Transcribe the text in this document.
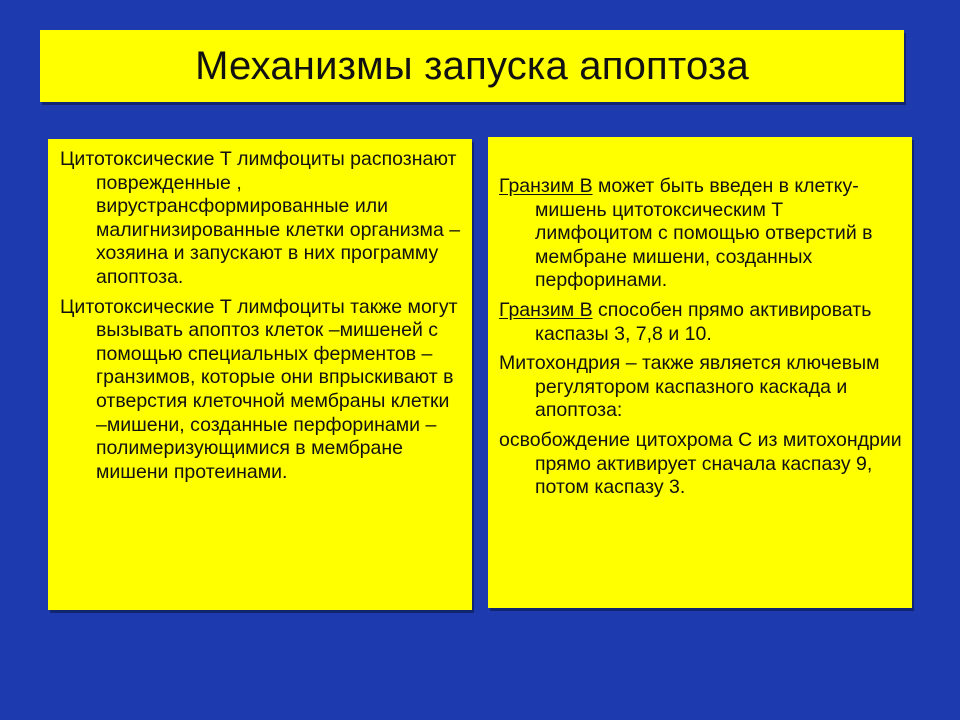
Механизмы запуска апоптоза

Цитотоксические Т лимфоциты распознают поврежденные , вирустрансформированные или малигнизированные клетки организма –хозяина и запускают в них программу апоптоза.

Цитотоксические Т лимфоциты также могут вызывать апоптоз клеток –мишеней с помощью специальных ферментов – гранзимов, которые они впрыскивают в отверстия клеточной мембраны клетки –мишени, созданные перфоринами – полимеризующимися в мембране мишени протеинами.

Гранзим В может быть введен в клетку-мишень цитотоксическим Т лимфоцитом с помощью отверстий в мембране мишени, созданных перфоринами.

Гранзим В способен прямо активировать каспазы 3, 7,8 и 10.

Митохондрия – также является ключевым регулятором каспазного каскада и апоптоза:

освобождение цитохрома С из митохондрии прямо активирует сначала каспазу 9, потом каспазу 3.
